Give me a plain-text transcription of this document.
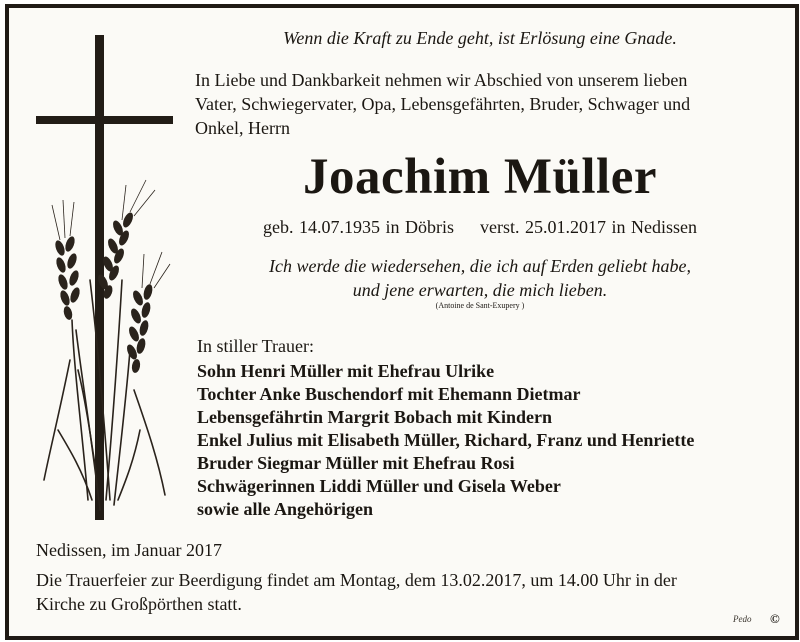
Wenn die Kraft zu Ende geht, ist Erlösung eine Gnade.
In Liebe und Dankbarkeit nehmen wir Abschied von unserem lieben
Vater, Schwiegervater, Opa, Lebensgefährten, Bruder, Schwager und
Onkel, Herrn
Joachim Müller
geb. 14.07.1935 in Döbris verst. 25.01.2017 in Nedissen
Ich werde die wiedersehen, die ich auf Erden geliebt habe,
und jene erwarten, die mich lieben.
(Antoine de Sant-Exupery )
In stiller Trauer:
Sohn Henri Müller mit Ehefrau Ulrike
Tochter Anke Buschendorf mit Ehemann Dietmar
Lebensgefährtin Margrit Bobach mit Kindern
Enkel Julius mit Elisabeth Müller, Richard, Franz und Henriette
Bruder Siegmar Müller mit Ehefrau Rosi
Schwägerinnen Liddi Müller und Gisela Weber
sowie alle Angehörigen
Nedissen, im Januar 2017
Die Trauerfeier zur Beerdigung findet am Montag, dem 13.02.2017, um 14.00 Uhr in der
Kirche zu Großpörthen statt.
Pedo ©
